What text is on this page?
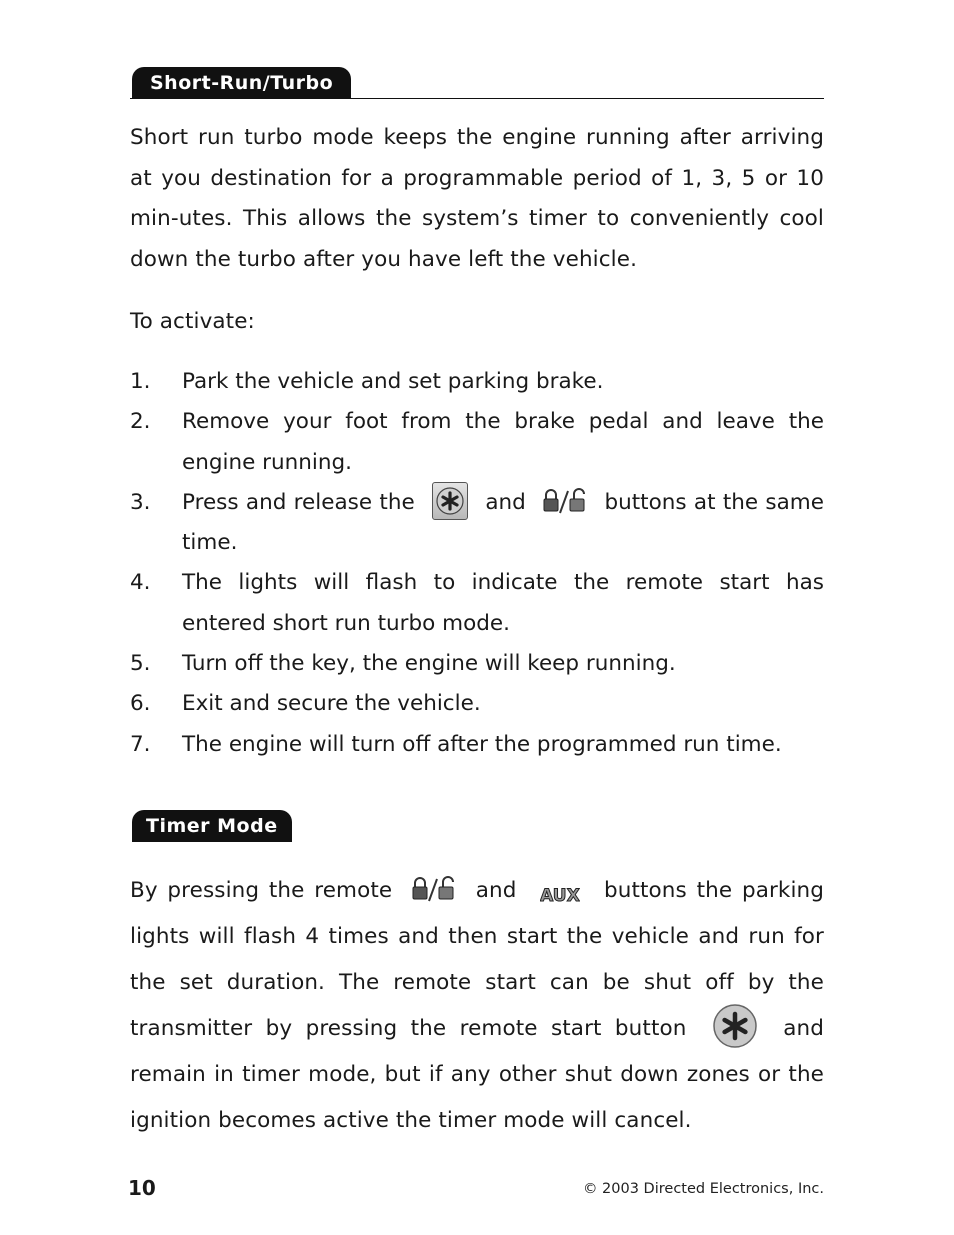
Short-Run/Turbo
Short run turbo mode keeps the engine running after arriving at you destination for a programmable period of 1, 3, 5 or 10 min-utes. This allows the system’s timer to conveniently cool down the turbo after you have left the vehicle.
To activate:
1. Park the vehicle and set parking brake.
2. Remove your foot from the brake pedal and leave the engine running.
3. Press and release the	and	buttons at the same time.
4. The lights will flash to indicate the remote start has entered short run turbo mode.
5. Turn off the key, the engine will keep running.
6. Exit and secure the vehicle.
7. The engine will turn off after the programmed run time.
Timer Mode
By pressing the remote	and AUX buttons the parking lights will flash 4 times and then start the vehicle and run for the set duration. The remote start can be shut off by the transmitter by pressing the remote start button	and remain in timer mode, but if any other shut down zones or the ignition becomes active the timer mode will cancel.
10	© 2003 Directed Electronics, Inc.
